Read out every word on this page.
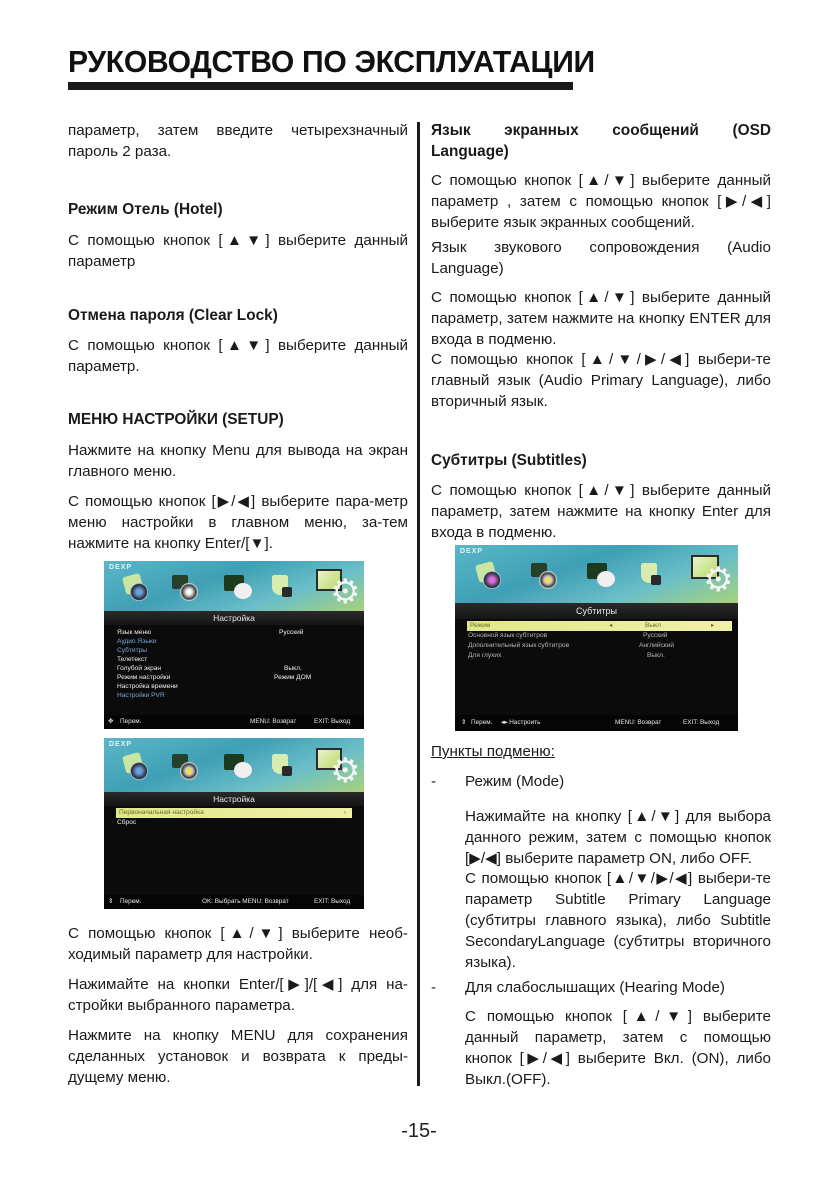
РУКОВОДСТВО ПО ЭКСПЛУАТАЦИИ
параметр, затем введите четырехзначный пароль 2 раза.
Режим Отель (Hotel)
С помощью кнопок [▲▼] выберите данный параметр
Отмена пароля (Clear Lock)
С помощью кнопок [▲▼] выберите данный параметр.
МЕНЮ НАСТРОЙКИ (SETUP)
Нажмите на кнопку Menu для вывода на экран главного меню.
С помощью кнопок [▶/◀] выберите пара-метр меню настройки в главном меню, за-тем нажмите на кнопку Enter/[▼].
С помощью кнопок [▲/▼] выберите необ-ходимый параметр для настройки.
Нажимайте на кнопки Enter/[▶]/[◀] для на-стройки выбранного параметра.
Нажмите на кнопку MENU для сохранения сделанных установок и возврата к преды-дущему меню.
DEXP
⚙
Настройка
Язык меню	Русский
Аудио Языки
Субтитры
Телетекст
Голубой экран	Выкл.
Режим настройки	Режим ДОМ
Настройка времени
Настройки PVR
✥ Перем.	MENU: Возврат	EXIT: Выход
DEXP
⚙
Настройка
Первоначальная настройка	›
Сброс
⇕ Перем.	OK: Выбрать MENU: Возврат	EXIT: Выход
Язык экранных сообщений (OSD
Language)
С помощью кнопок [▲/▼] выберите данный параметр , затем с помощью кнопок [▶/◀] выберите язык экранных сообщений.
Язык звукового сопровождения (Audio Language)
С помощью кнопок [▲/▼] выберите данный параметр, затем нажмите на кнопку ENTER для входа в подменю.
С помощью кнопок [▲/▼/▶/◀] выбери-те главный язык (Audio Primary Language), либо вторичный язык.
Субтитры (Subtitles)
С помощью кнопок [▲/▼] выберите данный параметр, затем нажмите на кнопку Enter для входа в подменю.
Пункты подменю:
-	Режим (Mode)
Нажимайте на кнопку [▲/▼] для выбора данного режим, затем с помощью кнопок [▶/◀] выберите параметр ON, либо OFF.
С помощью кнопок [▲/▼/▶/◀] выбери-те параметр Subtitle Primary Language (субтитры главного языка), либо Subtitle SecondaryLanguage (субтитры вторичного языка).
-	Для слабослышащих (Hearing Mode)
С помощью кнопок [▲/▼] выберите данный параметр, затем с помощью кнопок [▶/◀] выберите Вкл. (ON), либо Выкл.(OFF).
DEXP
⚙
Субтитры
Режим	◂	Выкл	▸
Основной язык субтитров	Русский
Дополнительный язык субтитров	Английский
Для глухих	Выкл.
⇕ Перем. ◂▸ Настроить	MENU: Возврат	EXIT: Выход
-15-
